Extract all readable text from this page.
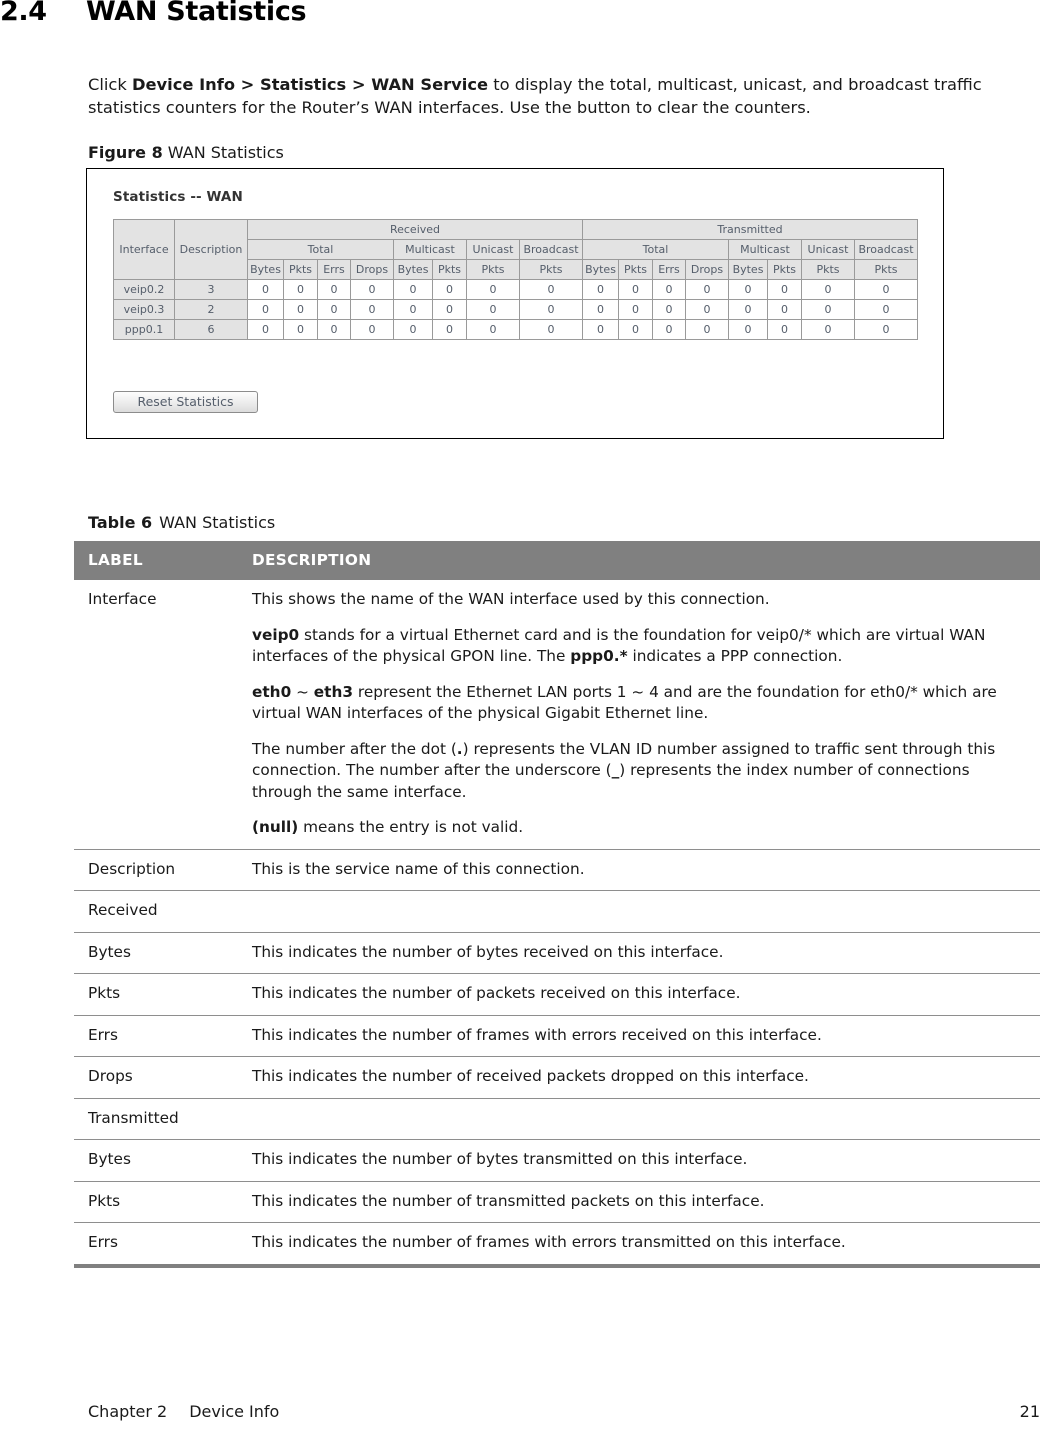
2.4	WAN Statistics

Click Device Info > Statistics > WAN Service to display the total, multicast, unicast, and broadcast traffic statistics counters for the Router’s WAN interfaces. Use the button to clear the counters.

Figure 8 WAN Statistics
Statistics -- WAN
Interface	Description	Received								Transmitted							
		Total				Multicast		Unicast	Broadcast	Total				Multicast		Unicast	Broadcast
		Bytes	Pkts	Errs	Drops	Bytes	Pkts	Pkts	Pkts	Bytes	Pkts	Errs	Drops	Bytes	Pkts	Pkts	Pkts
veip0.2	3	0	0	0	0	0	0	0	0	0	0	0	0	0	0	0	0
veip0.3	2	0	0	0	0	0	0	0	0	0	0	0	0	0	0	0	0
ppp0.1	6	0	0	0	0	0	0	0	0	0	0	0	0	0	0	0	0
Reset Statistics
Table 6 WAN Statistics
LABEL	DESCRIPTION
Interface	This shows the name of the WAN interface used by this connection.

veip0 stands for a virtual Ethernet card and is the foundation for veip0/* which are virtual WAN interfaces of the physical GPON line. The ppp0.* indicates a PPP connection.

eth0 ~ eth3 represent the Ethernet LAN ports 1 ~ 4 and are the foundation for eth0/* which are virtual WAN interfaces of the physical Gigabit Ethernet line.

The number after the dot (.) represents the VLAN ID number assigned to traffic sent through this connection. The number after the underscore (_) represents the index number of connections through the same interface.

(null) means the entry is not valid.

Description	This is the service name of this connection.

Received	
Bytes	This indicates the number of bytes received on this interface.

Pkts	This indicates the number of packets received on this interface.

Errs	This indicates the number of frames with errors received on this interface.

Drops	This indicates the number of received packets dropped on this interface.

Transmitted	
Bytes	This indicates the number of bytes transmitted on this interface.

Pkts	This indicates the number of transmitted packets on this interface.

Errs	This indicates the number of frames with errors transmitted on this interface.

Chapter 2 Device Info	21
